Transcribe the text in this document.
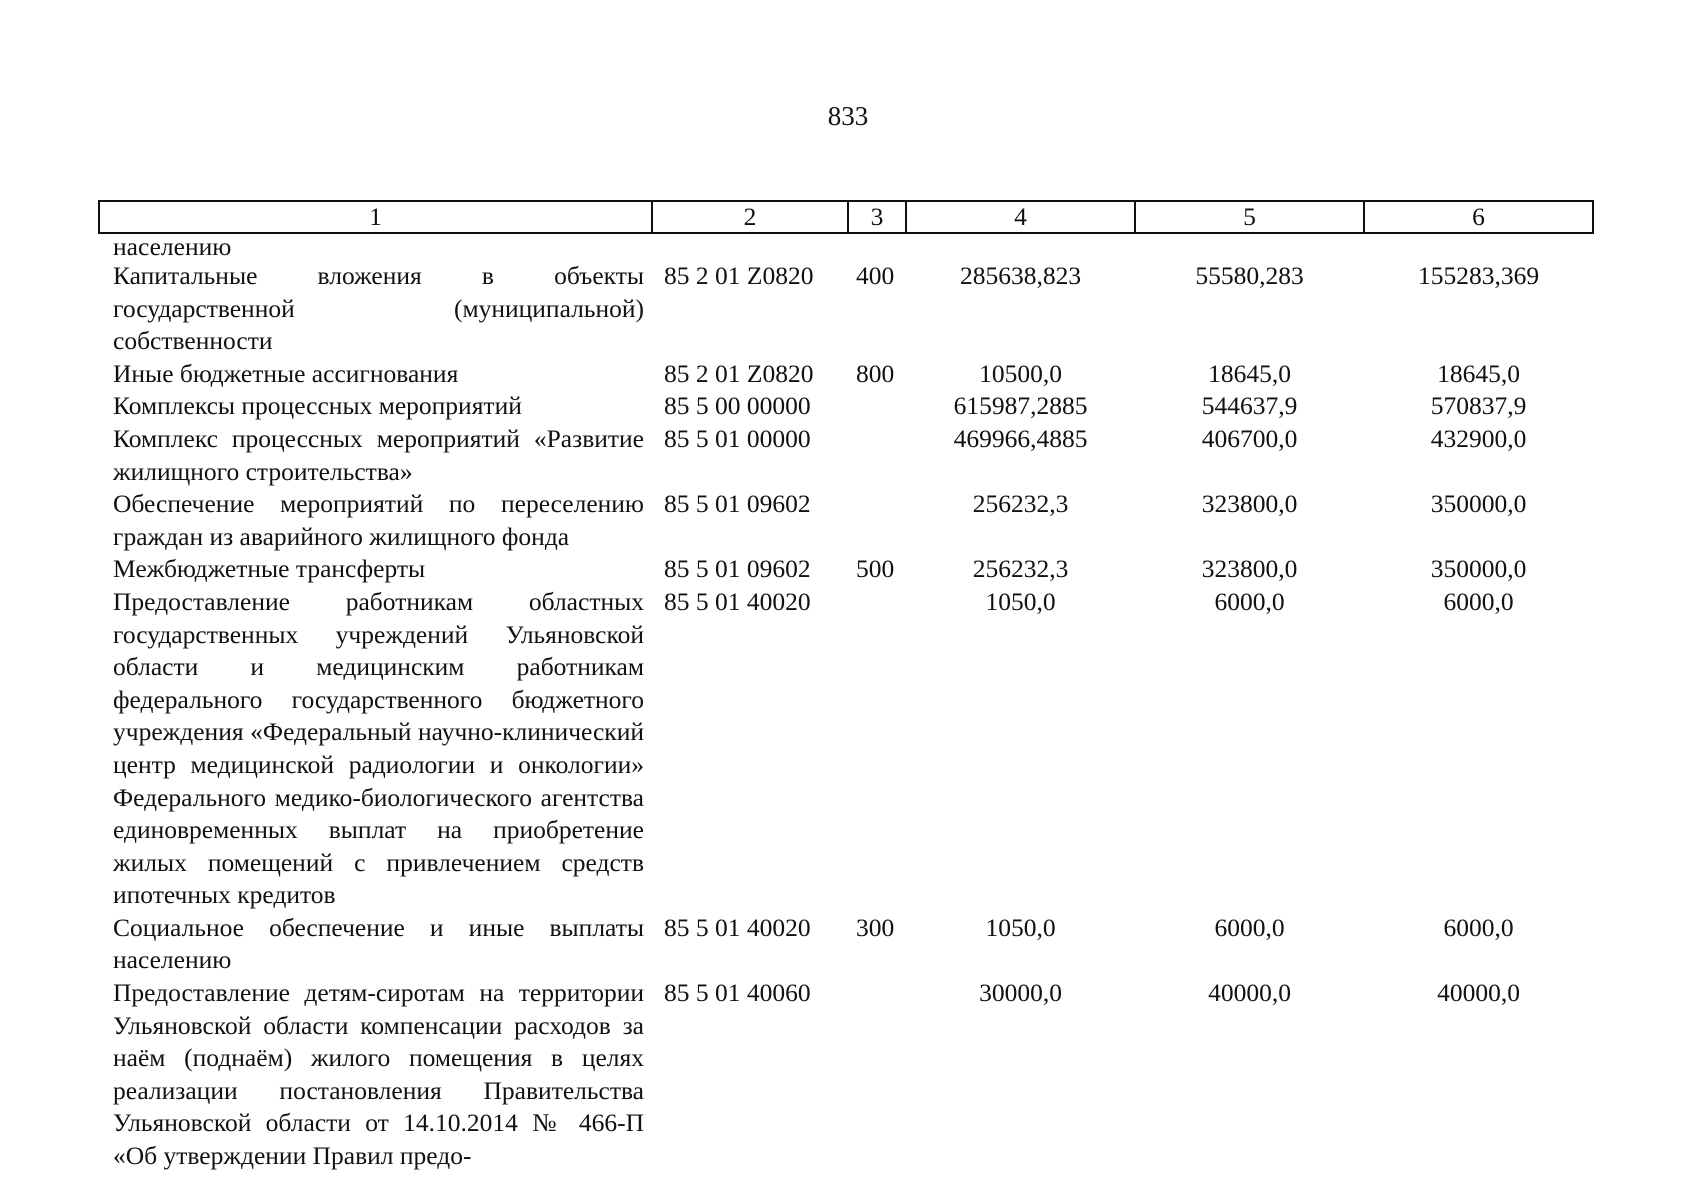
833
1	2	3	4	5	6
населению					
Капитальные вложения в объекты государственной (муниципальной) собственности	85 2 01 Z0820	400	285638,823	55580,283	155283,369
Иные бюджетные ассигнования	85 2 01 Z0820	800	10500,0	18645,0	18645,0
Комплексы процессных мероприятий	85 5 00 00000		615987,2885	544637,9	570837,9
Комплекс процессных мероприятий «Развитие жилищного строительства»	85 5 01 00000		469966,4885	406700,0	432900,0
Обеспечение мероприятий по переселению граждан из аварийного жилищного фонда	85 5 01 09602		256232,3	323800,0	350000,0
Межбюджетные трансферты	85 5 01 09602	500	256232,3	323800,0	350000,0
Предоставление работникам областных государственных учреждений Ульяновской области и медицинским работникам федерального государственного бюджетного учреждения «Федеральный научно-клинический центр медицинской радиологии и онкологии» Федерального медико-биологического агентства единовременных выплат на приобретение жилых помещений с привлечением средств ипотечных кредитов	85 5 01 40020		1050,0	6000,0	6000,0
Социальное обеспечение и иные выплаты населению	85 5 01 40020	300	1050,0	6000,0	6000,0
Предоставление детям-сиротам на территории Ульяновской области компенсации расходов за наём (поднаём) жилого помещения в целях реализации постановления Правительства Ульяновской области от 14.10.2014 № 466-П «Об утверждении Правил предо-	85 5 01 40060		30000,0	40000,0	40000,0
